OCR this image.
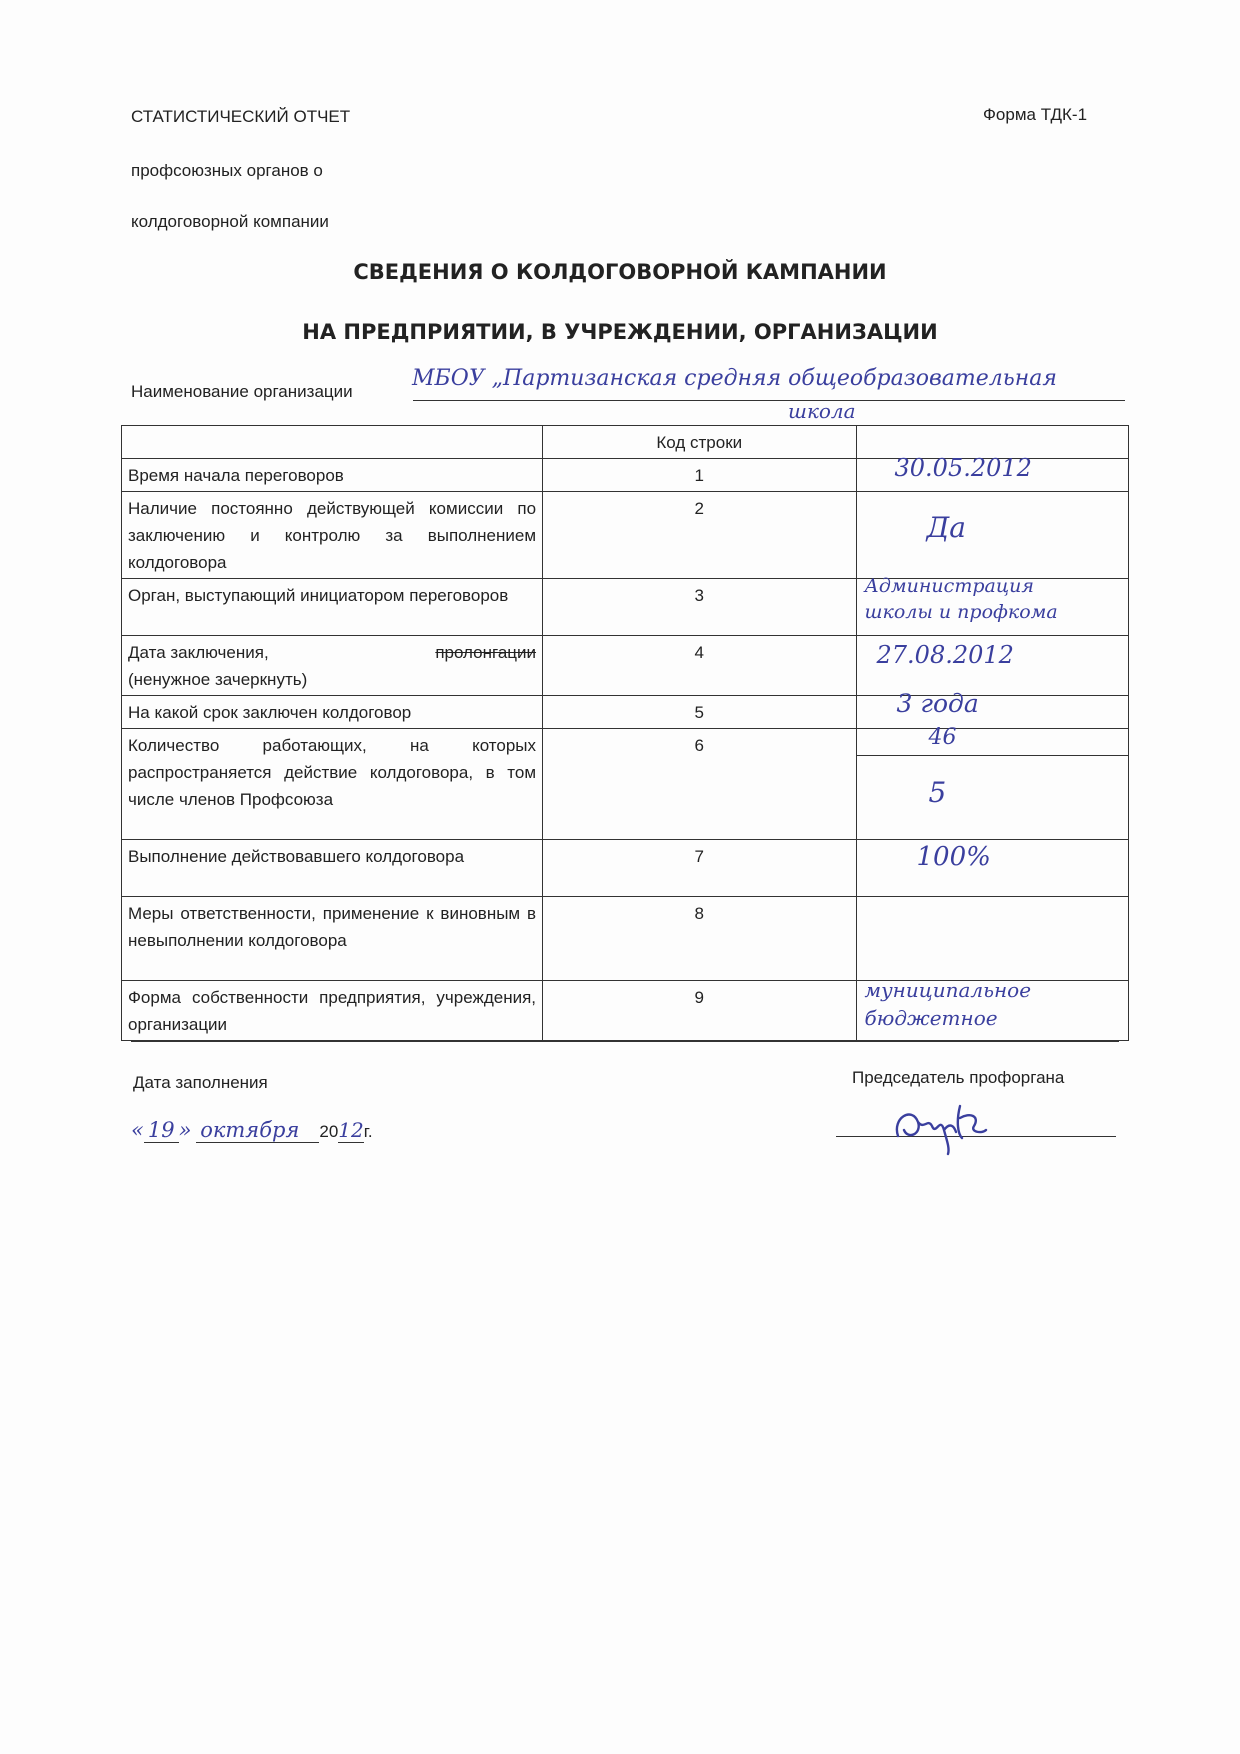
СТАТИСТИЧЕСКИЙ ОТЧЕТ
профсоюзных органов о
колдоговорной компании
Форма ТДК-1
СВЕДЕНИЯ О КОЛДОГОВОРНОЙ КАМПАНИИ
НА ПРЕДПРИЯТИИ, В УЧРЕЖДЕНИИ, ОРГАНИЗАЦИИ
Наименование организации
МБОУ „Партизанская средняя общеобразовательная
школа
	Код строки	
Время начала переговоров	1	30.05.2012

Наличие постоянно действующей комиссии по заключению и контролю за выполнением колдоговора	2	Да

Орган, выступающий инициатором переговоров	3	Администрация
школы и профкома

Дата заключения, пролонгации

(ненужное зачеркнуть)	4	27.08.2012

На какой срок заключен колдоговор	5	3 года

Количество работающих, на которых распространяется действие колдоговора, в том числе членов Профсоюза	6	46
5

Выполнение действовавшего колдоговора	7	100%

Меры ответственности, применение к виновным в невыполнении колдоговора	8	
Форма собственности предприятия, учреждения, организации	9	муниципальное
бюджетное
Дата заполнения
« 19 » октября 2012г.
Председатель профоргана
